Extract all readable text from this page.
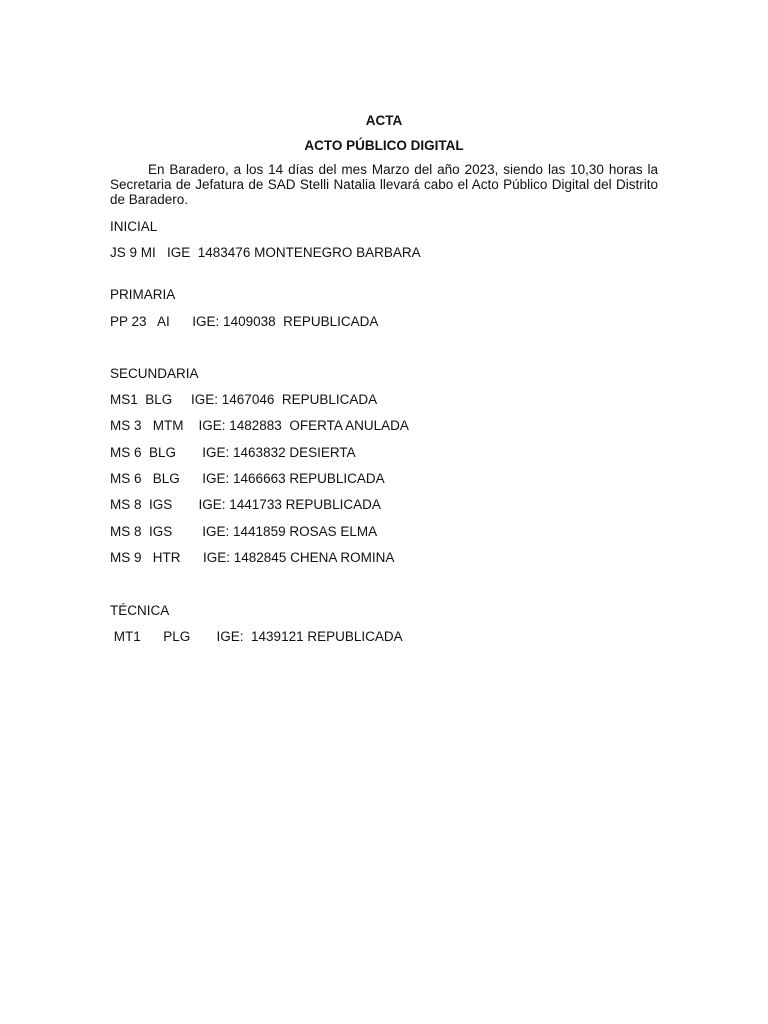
ACTA
ACTO PÚBLICO DIGITAL
En Baradero, a los 14 días del mes Marzo del año 2023, siendo las 10,30 horas la Secretaria de Jefatura de SAD Stelli Natalia llevará cabo el Acto Público Digital del Distrito de Baradero.
INICIAL
JS 9 MI   IGE  1483476 MONTENEGRO BARBARA
PRIMARIA
PP 23   AI      IGE: 1409038  REPUBLICADA
SECUNDARIA
MS1  BLG     IGE: 1467046  REPUBLICADA
MS 3   MTM    IGE: 1482883  OFERTA ANULADA
MS 6  BLG       IGE: 1463832 DESIERTA
MS 6   BLG      IGE: 1466663 REPUBLICADA
MS 8  IGS       IGE: 1441733 REPUBLICADA
MS 8  IGS        IGE: 1441859 ROSAS ELMA
MS 9   HTR      IGE: 1482845 CHENA ROMINA
TÉCNICA
MT1      PLG       IGE:  1439121 REPUBLICADA
